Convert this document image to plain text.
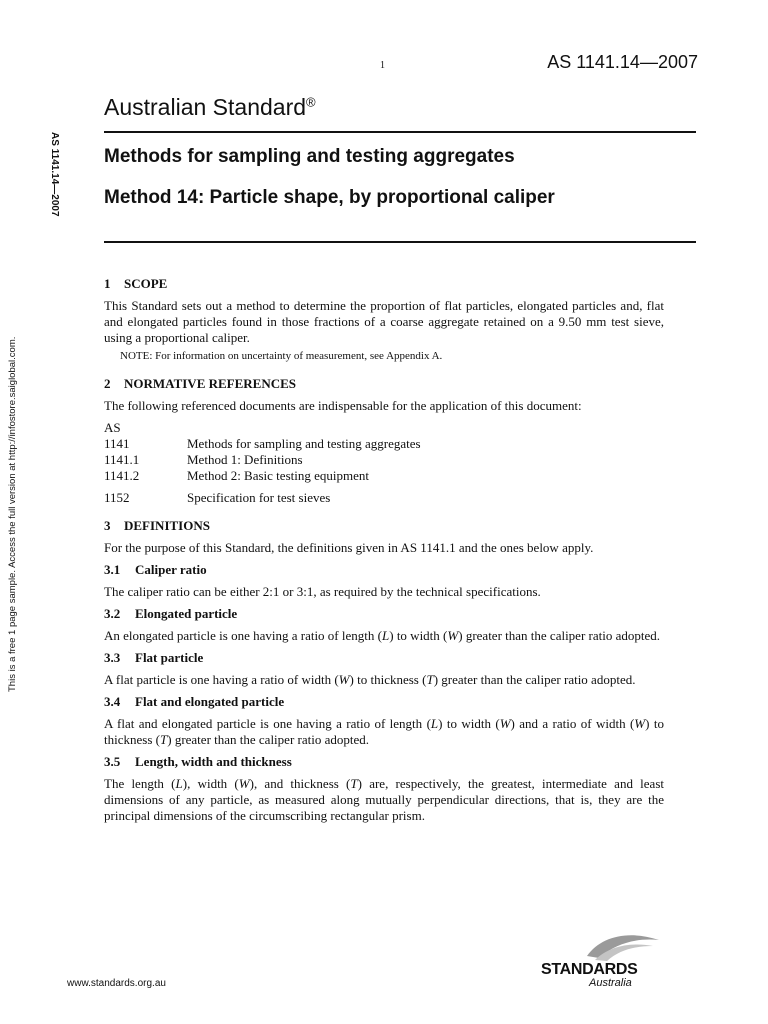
1	AS 1141.14—2007
AS 1141.14—2007
This is a free 1 page sample. Access the full version at http://infostore.saiglobal.com.
Australian Standard®
Methods for sampling and testing aggregates
Method 14: Particle shape, by proportional caliper
1 SCOPE

This Standard sets out a method to determine the proportion of flat particles, elongated particles and, flat and elongated particles found in those fractions of a coarse aggregate retained on a 9.50 mm test sieve, using a proportional caliper.

NOTE: For information on uncertainty of measurement, see Appendix A.

2 NORMATIVE REFERENCES

The following referenced documents are indispensable for the application of this document:

AS
1141	Methods for sampling and testing aggregates
1141.1	Method 1: Definitions
1141.2	Method 2: Basic testing equipment
1152	Specification for test sieves
3 DEFINITIONS

For the purpose of this Standard, the definitions given in AS 1141.1 and the ones below apply.

3.1 Caliper ratio

The caliper ratio can be either 2:1 or 3:1, as required by the technical specifications.

3.2 Elongated particle

An elongated particle is one having a ratio of length (L) to width (W) greater than the caliper ratio adopted.

3.3 Flat particle

A flat particle is one having a ratio of width (W) to thickness (T) greater than the caliper ratio adopted.

3.4 Flat and elongated particle

A flat and elongated particle is one having a ratio of length (L) to width (W) and a ratio of width (W) to thickness (T) greater than the caliper ratio adopted.

3.5 Length, width and thickness

The length (L), width (W), and thickness (T) are, respectively, the greatest, intermediate and least dimensions of any particle, as measured along mutually perpendicular directions, that is, they are the principal dimensions of the circumscribing rectangular prism.

www.standards.org.au
STANDARDS
Australia
